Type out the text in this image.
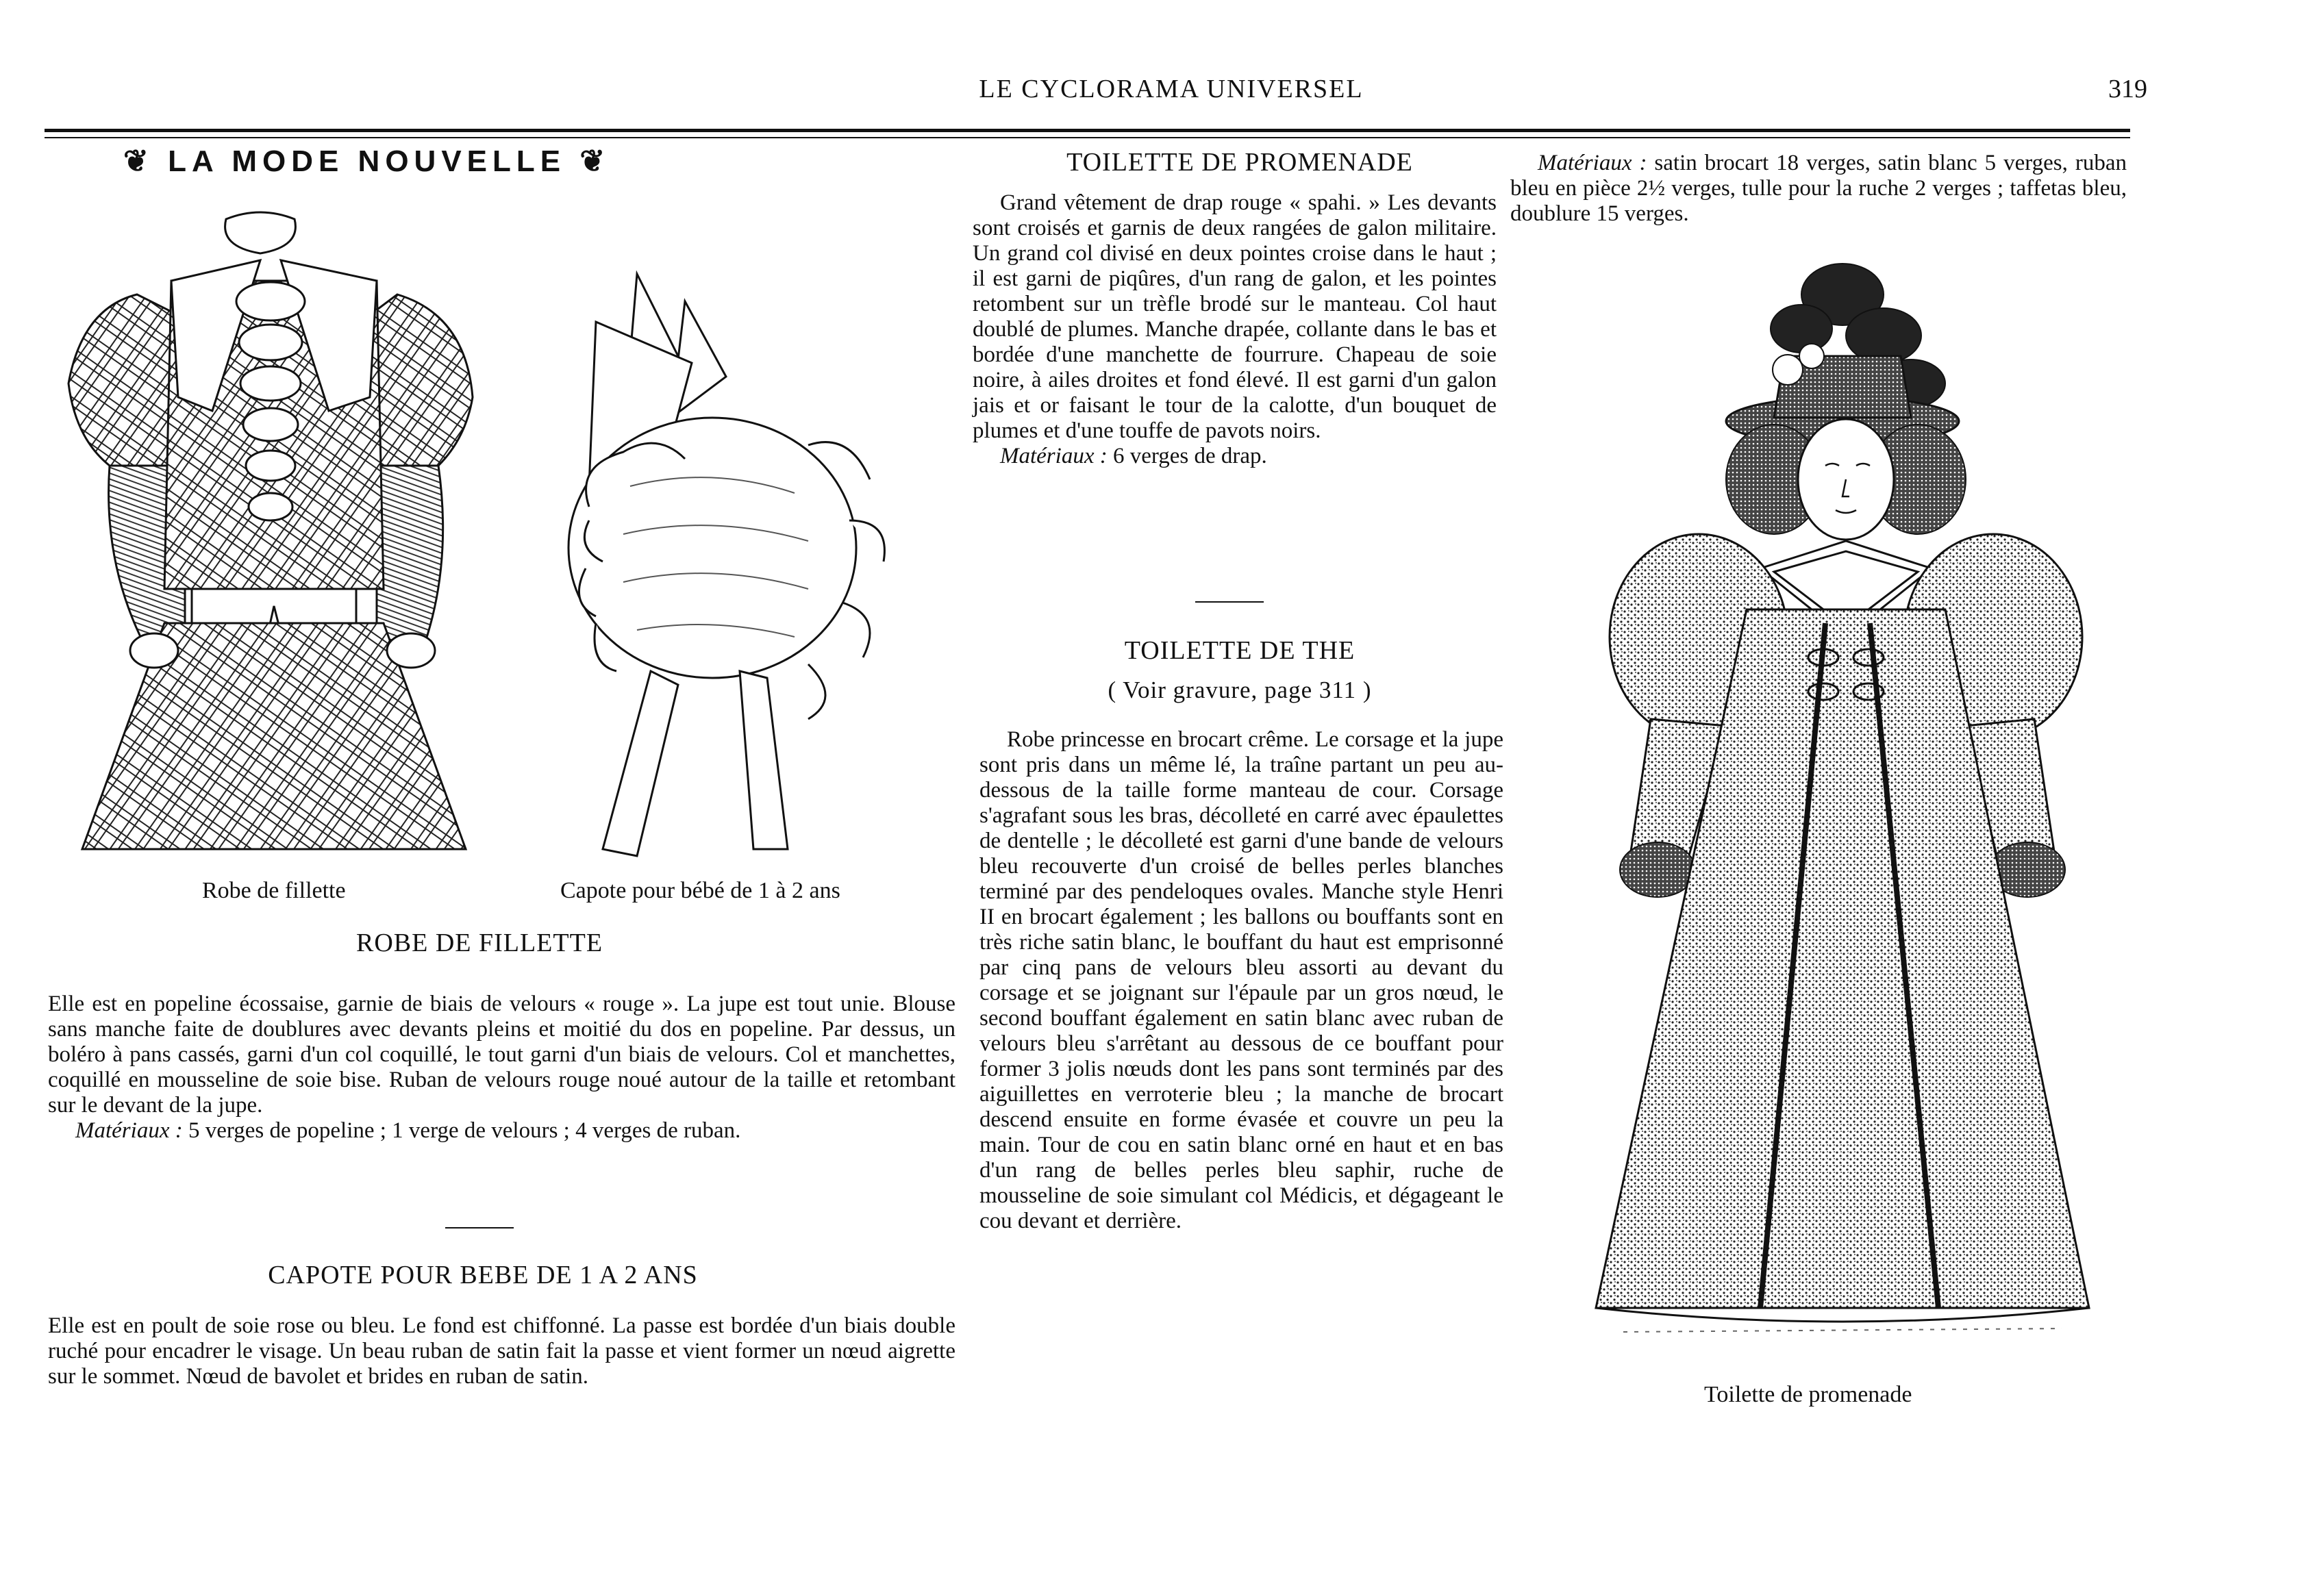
LE CYCLORAMA UNIVERSEL	319
❦ LA MODE NOUVELLE ❦
Robe de fillette	Capote pour bébé de 1 à 2 ans
ROBE DE FILLETTE

Elle est en popeline écossaise, garnie de biais de velours « rouge ». La jupe est tout unie. Blouse sans manche faite de doublures avec devants pleins et moitié du dos en popeline. Par dessus, un boléro à pans cassés, garni d'un col coquillé, le tout garni d'un biais de velours. Col et manchettes, coquillé en mousseline de soie bise. Ruban de velours rouge noué autour de la taille et retombant sur le devant de la jupe.

Matériaux : 5 verges de popeline ; 1 verge de velours ; 4 verges de ruban.

CAPOTE POUR BEBE DE 1 A 2 ANS

Elle est en poult de soie rose ou bleu. Le fond est chiffonné. La passe est bordée d'un biais double ruché pour encadrer le visage. Un beau ruban de satin fait la passe et vient former un nœud aigrette sur le sommet. Nœud de bavolet et brides en ruban de satin.

TOILETTE DE PROMENADE

Grand vêtement de drap rouge « spahi. » Les devants sont croisés et garnis de deux rangées de galon militaire. Un grand col divisé en deux pointes croise dans le haut ; il est garni de piqûres, d'un rang de galon, et les pointes retombent sur un trèfle brodé sur le manteau. Col haut doublé de plumes. Manche drapée, collante dans le bas et bordée d'une manchette de fourrure. Chapeau de soie noire, à ailes droites et fond élevé. Il est garni d'un galon jais et or faisant le tour de la calotte, d'un bouquet de plumes et d'une touffe de pavots noirs.

Matériaux : 6 verges de drap.

TOILETTE DE THE
( Voir gravure, page 311 )

Robe princesse en brocart crême. Le corsage et la jupe sont pris dans un même lé, la traîne partant un peu au-dessous de la taille forme manteau de cour. Corsage s'agrafant sous les bras, décolleté en carré avec épaulettes de dentelle ; le décolleté est garni d'une bande de velours bleu recouverte d'un croisé de belles perles blanches terminé par des pendeloques ovales. Manche style Henri II en brocart également ; les ballons ou bouffants sont en très riche satin blanc, le bouffant du haut est emprisonné par cinq pans de velours bleu assorti au devant du corsage et se joignant sur l'épaule par un gros nœud, le second bouffant également en satin blanc avec ruban de velours bleu s'arrêtant au dessous de ce bouffant pour former 3 jolis nœuds dont les pans sont terminés par des aiguillettes en verroterie bleu ; la manche de brocart descend ensuite en forme évasée et couvre un peu la main. Tour de cou en satin blanc orné en haut et en bas d'un rang de belles perles bleu saphir, ruche de mousseline de soie simulant col Médicis, et dégageant le cou devant et derrière.

Matériaux : satin brocart 18 verges, satin blanc 5 verges, ruban bleu en pièce 2½ verges, tulle pour la ruche 2 verges ; taffetas bleu, doublure 15 verges.

Toilette de promenade
